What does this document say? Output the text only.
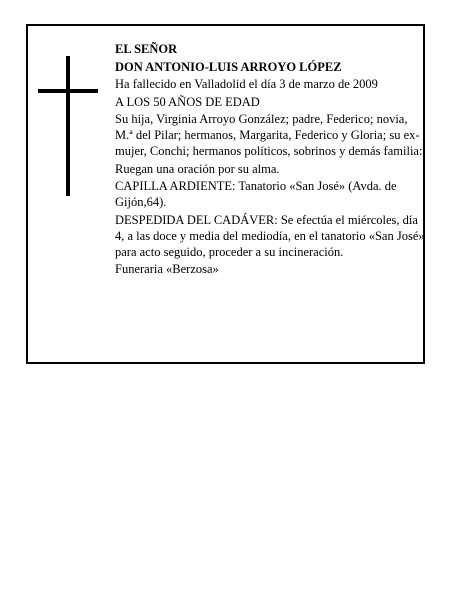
EL SEÑOR

DON ANTONIO-LUIS ARROYO LÓPEZ

Ha fallecido en Valladolid el día 3 de marzo de 2009

A LOS 50 AÑOS DE EDAD

Su hija, Virginia Arroyo González; padre, Federico; novia, M.ª del Pilar; hermanos, Margarita, Federico y Gloria; su ex-mujer, Conchi; hermanos políticos, sobrinos y demás familia:

Ruegan una oración por su alma.

CAPILLA ARDIENTE: Tanatorio «San José» (Avda. de Gijón,64).

DESPEDIDA DEL CADÁVER: Se efectúa el miércoles, día 4, a las doce y media del mediodía, en el tanatorio «San José» para acto seguido, proceder a su incineración.

Funeraria «Berzosa»
